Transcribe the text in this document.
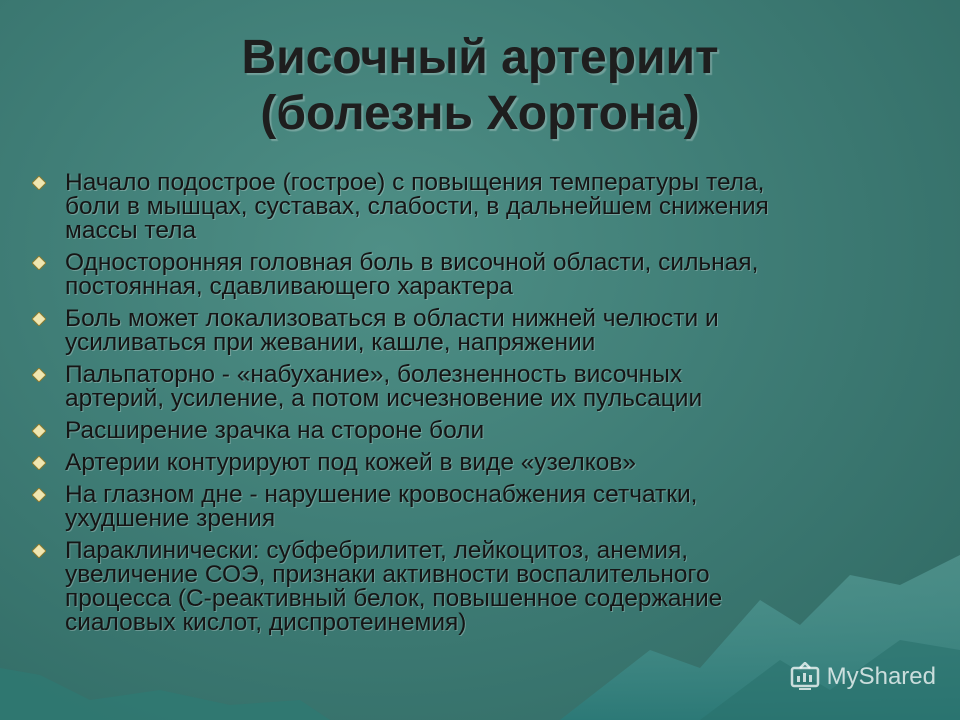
Височный артериит
(болезнь Хортона)
Начало подострое (гострое) с повыщения температуры тела,
боли в мышцах, суставах, слабости, в дальнейшем снижения
массы тела
Односторонняя головная боль в височной области, сильная,
постоянная, сдавливающего характера
Боль может локализоваться в области нижней челюсти и
усиливаться при жевании, кашле, напряжении
Пальпаторно - «набухание», болезненность височных
артерий, усиление, а потом исчезновение их пульсации
Расширение зрачка на стороне боли
Артерии контурируют под кожей в виде «узелков»
На глазном дне - нарушение кровоснабжения сетчатки,
ухудшение зрения
Параклинически: субфебрилитет, лейкоцитоз, анемия,
увеличение СОЭ, признаки активности воспалительного
процесса (С-реактивный белок, повышенное содержание
сиаловых кислот, диспротеинемия)
MyShared
